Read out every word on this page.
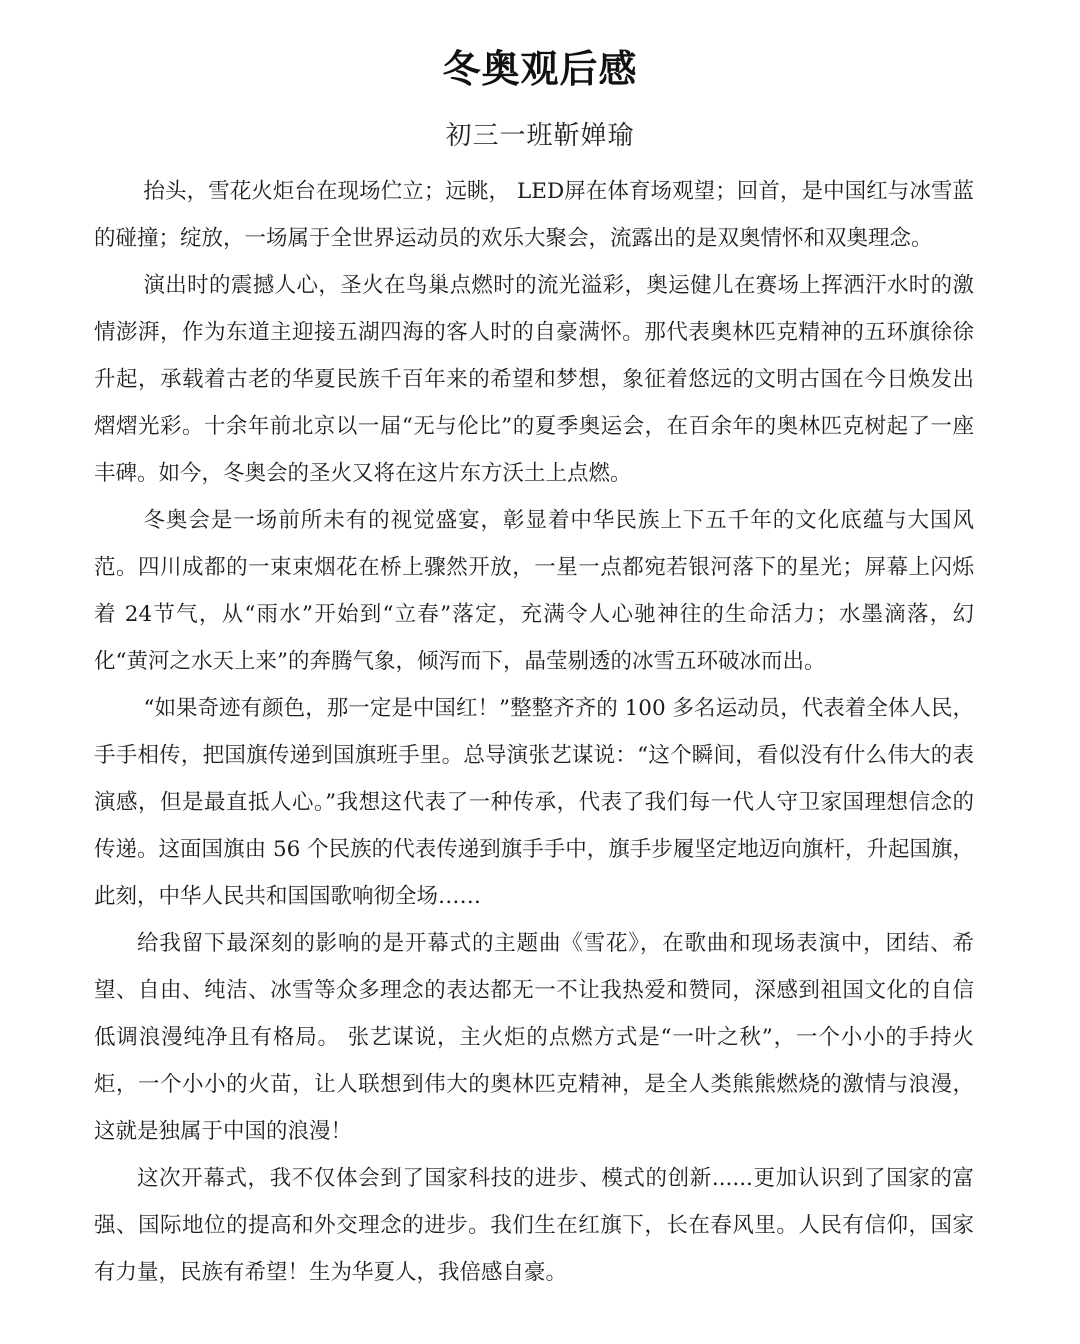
冬奥观后感
初三一班靳婵瑜

抬头，雪花火炬台在现场伫立；远眺， LED屏在体育场观望；回首，是中国红与冰雪蓝的碰撞；绽放，一场属于全世界运动员的欢乐大聚会，流露出的是双奥情怀和双奥理念。

演出时的震撼人心，圣火在鸟巢点燃时的流光溢彩，奥运健儿在赛场上挥洒汗水时的激情澎湃，作为东道主迎接五湖四海的客人时的自豪满怀。那代表奥林匹克精神的五环旗徐徐升起，承载着古老的华夏民族千百年来的希望和梦想，象征着悠远的文明古国在今日焕发出熠熠光彩。十余年前北京以一届“无与伦比”的夏季奥运会，在百余年的奥林匹克树起了一座丰碑。如今，冬奥会的圣火又将在这片东方沃土上点燃。

冬奥会是一场前所未有的视觉盛宴，彰显着中华民族上下五千年的文化底蕴与大国风范。四川成都的一束束烟花在桥上骤然开放，一星一点都宛若银河落下的星光；屏幕上闪烁着 24节气，从“雨水”开始到“立春”落定，充满令人心驰神往的生命活力；水墨滴落，幻化“黄河之水天上来”的奔腾气象，倾泻而下，晶莹剔透的冰雪五环破冰而出。

“如果奇迹有颜色，那一定是中国红！”整整齐齐的 100 多名运动员，代表着全体人民，手手相传，把国旗传递到国旗班手里。总导演张艺谋说：“这个瞬间，看似没有什么伟大的表演感，但是最直抵人心。”我想这代表了一种传承，代表了我们每一代人守卫家国理想信念的传递。这面国旗由 56 个民族的代表传递到旗手手中，旗手步履坚定地迈向旗杆，升起国旗，此刻，中华人民共和国国歌响彻全场……

给我留下最深刻的影响的是开幕式的主题曲《雪花》，在歌曲和现场表演中，团结、希望、自由、纯洁、冰雪等众多理念的表达都无一不让我热爱和赞同，深感到祖国文化的自信低调浪漫纯净且有格局。 张艺谋说，主火炬的点燃方式是“一叶之秋”，一个小小的手持火炬，一个小小的火苗，让人联想到伟大的奥林匹克精神，是全人类熊熊燃烧的激情与浪漫，这就是独属于中国的浪漫！

这次开幕式，我不仅体会到了国家科技的进步、模式的创新......更加认识到了国家的富强、国际地位的提高和外交理念的进步。我们生在红旗下，长在春风里。人民有信仰，国家有力量，民族有希望！生为华夏人，我倍感自豪。
